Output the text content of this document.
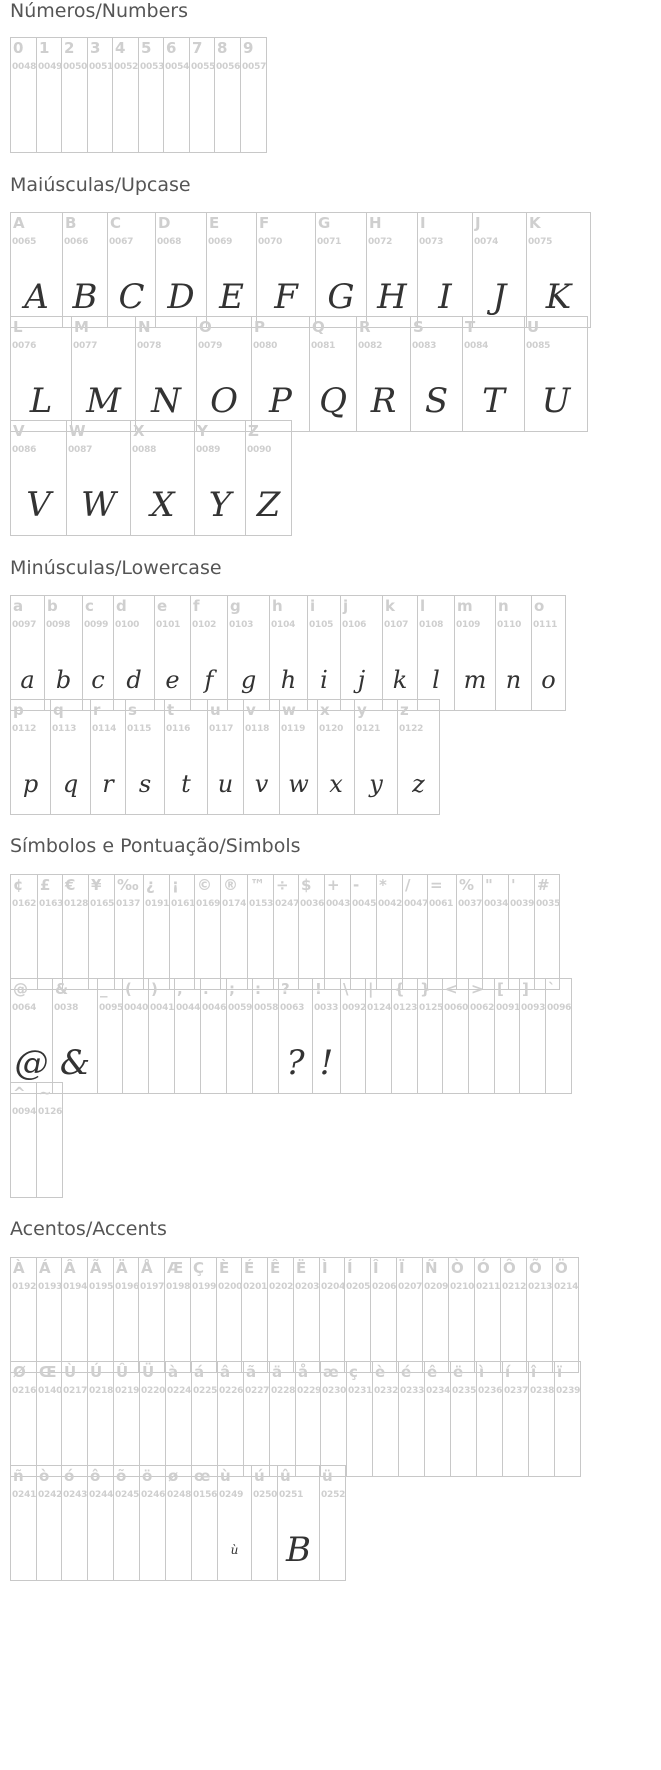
Números/Numbers
0
0048
1
0049
2
0050
3
0051
4
0052
5
0053
6
0054
7
0055
8
0056
9
0057
Maiúsculas/Upcase
A
0065
A
B
0066
B
C
0067
C
D
0068
D
E
0069
E
F
0070
F
G
0071
G
H
0072
H
I
0073
I
J
0074
J
K
0075
K
L
0076
L
M
0077
M
N
0078
N
O
0079
O
P
0080
P
Q
0081
Q
R
0082
R
S
0083
S
T
0084
T
U
0085
U
V
0086
V
W
0087
W
X
0088
X
Y
0089
Y
Z
0090
Z
Minúsculas/Lowercase
a
0097
a
b
0098
b
c
0099
c
d
0100
d
e
0101
e
f
0102
f
g
0103
g
h
0104
h
i
0105
i
j
0106
j
k
0107
k
l
0108
l
m
0109
m
n
0110
n
o
0111
o
p
0112
p
q
0113
q
r
0114
r
s
0115
s
t
0116
t
u
0117
u
v
0118
v
w
0119
w
x
0120
x
y
0121
y
z
0122
z
Símbolos e Pontuação/Simbols
¢
0162
£
0163
€
0128
¥
0165
‰
0137
¿
0191
¡
0161
©
0169
®
0174
™
0153
÷
0247
$
0036
+
0043
-
0045
*
0042
/
0047
=
0061
%
0037
"
0034
'
0039
#
0035
@
0064
@
&
0038
&
_
0095
(
0040
)
0041
,
0044
.
0046
;
0059
:
0058
?
0063
?
!
0033
!
\
0092
|
0124
{
0123
}
0125
<
0060
>
0062
[
0091
]
0093
`
0096
^
0094
~
0126
Acentos/Accents
À
0192
Á
0193
Â
0194
Ã
0195
Ä
0196
Å
0197
Æ
0198
Ç
0199
È
0200
É
0201
Ê
0202
Ë
0203
Ì
0204
Í
0205
Î
0206
Ï
0207
Ñ
0209
Ò
0210
Ó
0211
Ô
0212
Õ
0213
Ö
0214
Ø
0216
Œ
0140
Ù
0217
Ú
0218
Û
0219
Ü
0220
à
0224
á
0225
â
0226
ã
0227
ä
0228
å
0229
æ
0230
ç
0231
è
0232
é
0233
ê
0234
ë
0235
ì
0236
í
0237
î
0238
ï
0239
ñ
0241
ò
0242
ó
0243
ô
0244
õ
0245
ö
0246
ø
0248
œ
0156
ù
0249
ù
ú
0250
û
0251
B
ü
0252
